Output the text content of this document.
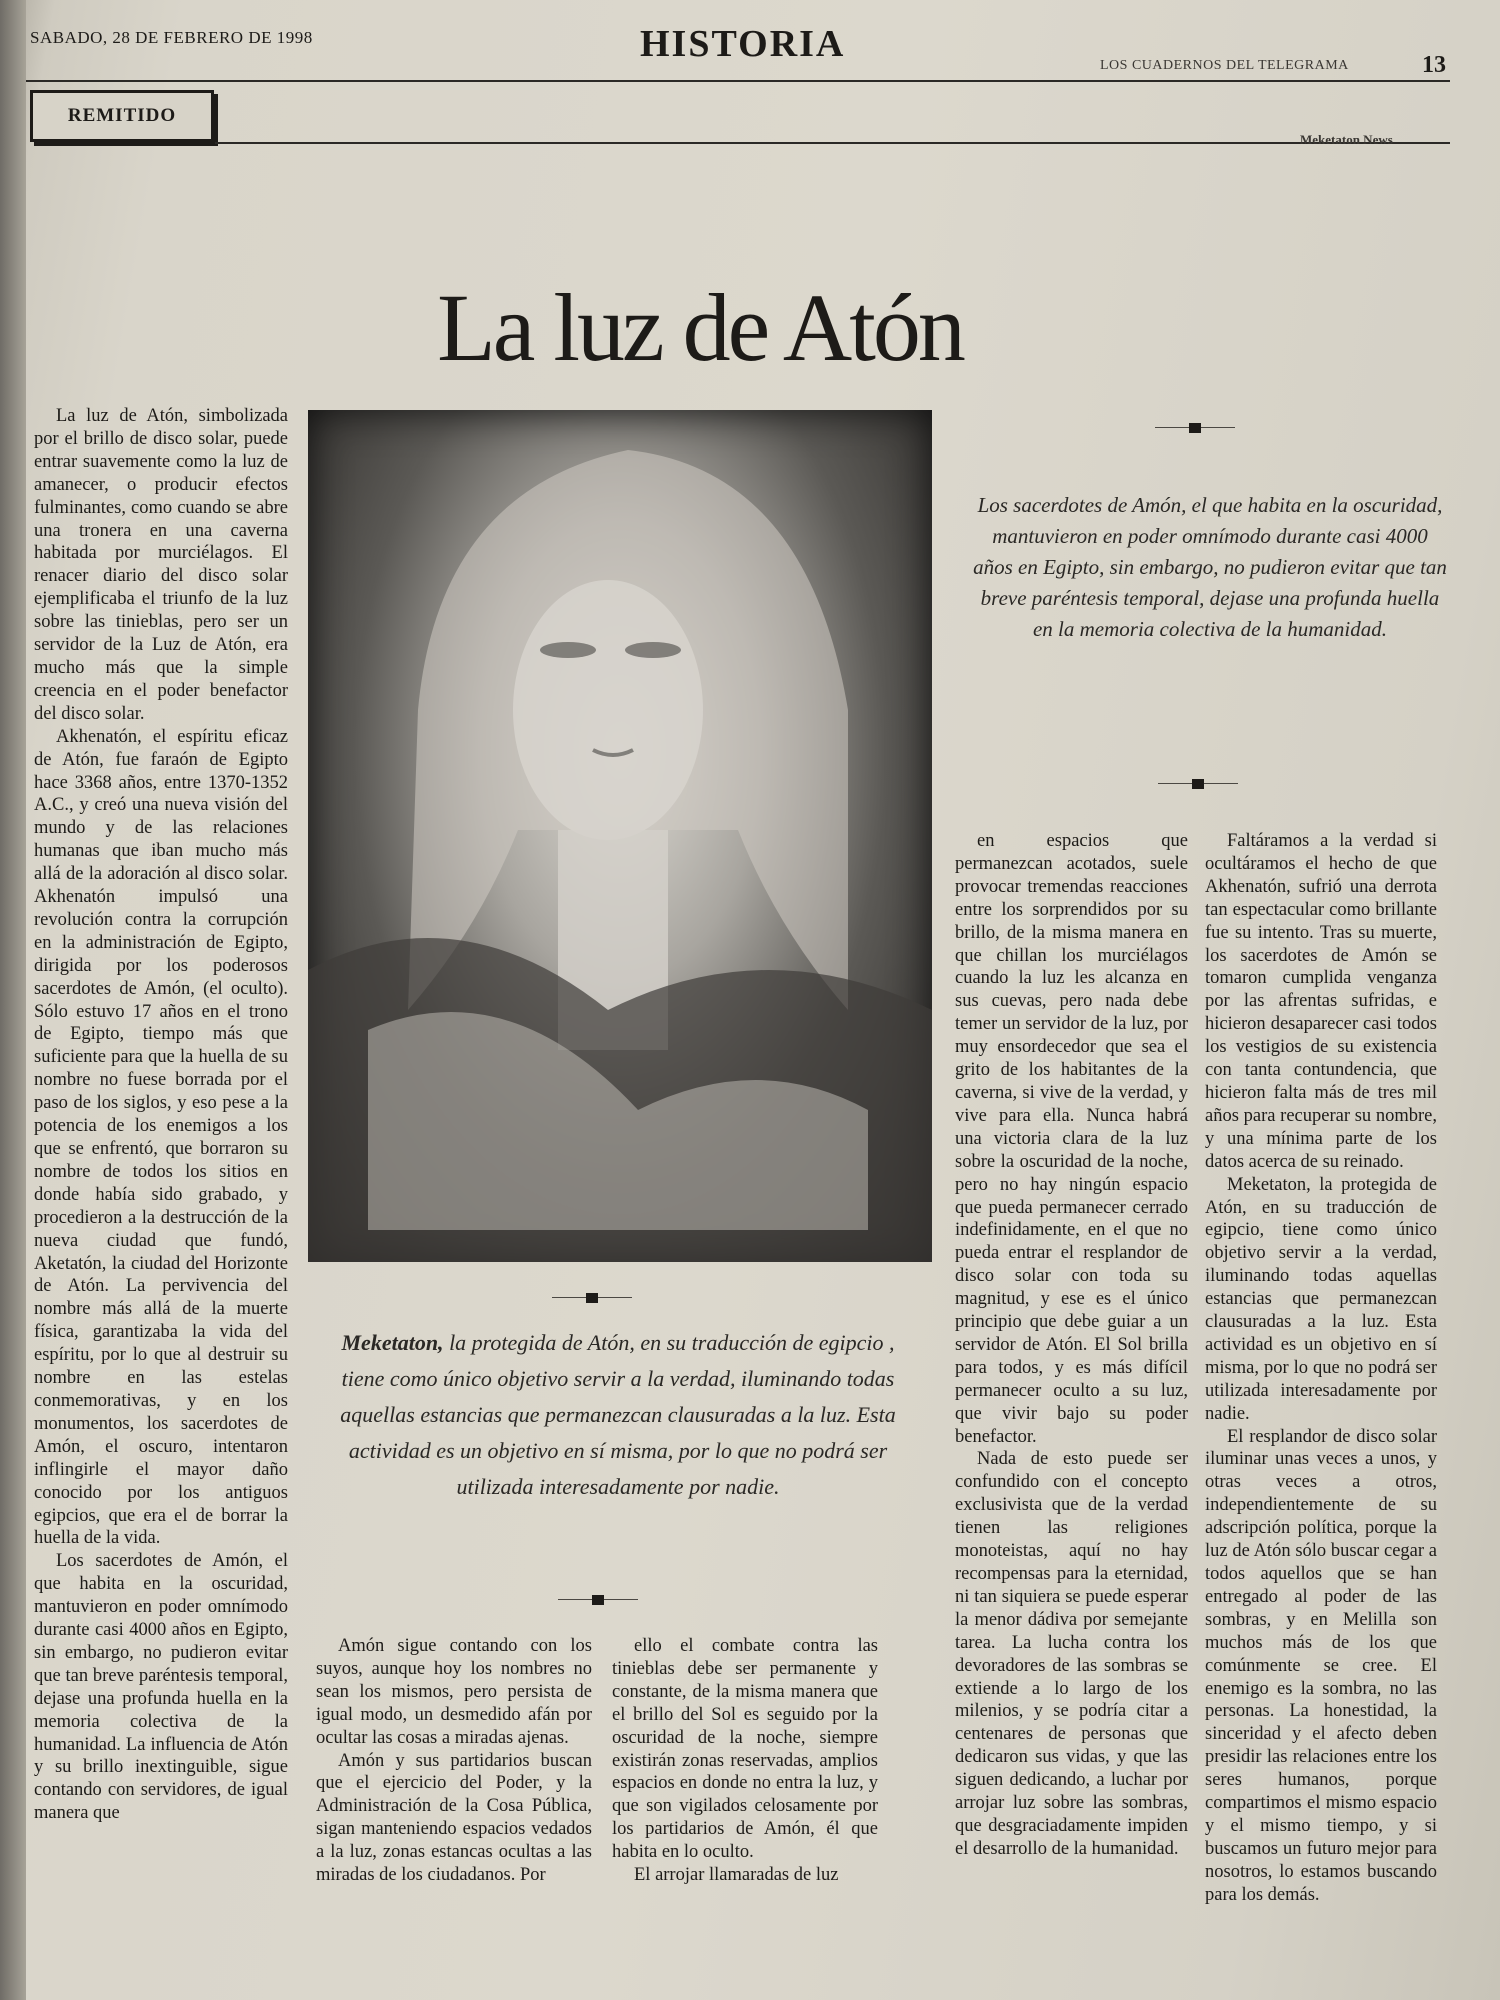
SABADO, 28 DE FEBRERO DE 1998	HISTORIA
LOS CUADERNOS DEL TELEGRAMA	13
REMITIDO
Meketaton News
La luz de Atón

La luz de Atón, simbolizada por el brillo de disco solar, puede entrar suavemente como la luz de amanecer, o producir efectos fulminantes, como cuando se abre una tronera en una caverna habitada por murciélagos. El renacer diario del disco solar ejemplificaba el triunfo de la luz sobre las tinieblas, pero ser un servidor de la Luz de Atón, era mucho más que la simple creencia en el poder benefactor del disco solar.

Akhenatón, el espíritu eficaz de Atón, fue faraón de Egipto hace 3368 años, entre 1370-1352 A.C., y creó una nueva visión del mundo y de las relaciones humanas que iban mucho más allá de la adoración al disco solar. Akhenatón impulsó una revolución contra la corrupción en la administración de Egipto, dirigida por los poderosos sacerdotes de Amón, (el oculto). Sólo estuvo 17 años en el trono de Egipto, tiempo más que suficiente para que la huella de su nombre no fuese borrada por el paso de los siglos, y eso pese a la potencia de los enemigos a los que se enfrentó, que borraron su nombre de todos los sitios en donde había sido grabado, y procedieron a la destrucción de la nueva ciudad que fundó, Aketatón, la ciudad del Horizonte de Atón. La pervivencia del nombre más allá de la muerte física, garantizaba la vida del espíritu, por lo que al destruir su nombre en las estelas conmemorativas, y en los monumentos, los sacerdotes de Amón, el oscuro, intentaron inflingirle el mayor daño conocido por los antiguos egipcios, que era el de borrar la huella de la vida.

Los sacerdotes de Amón, el que habita en la oscuridad, mantuvieron en poder omnímodo durante casi 4000 años en Egipto, sin embargo, no pudieron evitar que tan breve paréntesis temporal, dejase una profunda huella en la memoria colectiva de la humanidad. La influencia de Atón y su brillo inextinguible, sigue contando con servidores, de igual manera que

Los sacerdotes de Amón, el que habita en la oscuridad, mantuvieron en poder omnímodo durante casi 4000 años en Egipto, sin embargo, no pudieron evitar que tan breve paréntesis temporal, dejase una profunda huella en la memoria colectiva de la humanidad.
Meketaton, la protegida de Atón, en su traducción de egipcio , tiene como único objetivo servir a la verdad, iluminando todas aquellas estancias que permanezcan clausuradas a la luz. Esta actividad es un objetivo en sí misma, por lo que no podrá ser utilizada interesadamente por nadie.

Amón sigue contando con los suyos, aunque hoy los nombres no sean los mismos, pero persista de igual modo, un desmedido afán por ocultar las cosas a miradas ajenas.

Amón y sus partidarios buscan que el ejercicio del Poder, y la Administración de la Cosa Pública, sigan manteniendo espacios vedados a la luz, zonas estancas ocultas a las miradas de los ciudadanos. Por

ello el combate contra las tinieblas debe ser permanente y constante, de la misma manera que el brillo del Sol es seguido por la oscuridad de la noche, siempre existirán zonas reservadas, amplios espacios en donde no entra la luz, y que son vigilados celosamente por los partidarios de Amón, él que habita en lo oculto.

El arrojar llamaradas de luz

en espacios que permanezcan acotados, suele provocar tremendas reacciones entre los sorprendidos por su brillo, de la misma manera en que chillan los murciélagos cuando la luz les alcanza en sus cuevas, pero nada debe temer un servidor de la luz, por muy ensordecedor que sea el grito de los habitantes de la caverna, si vive de la verdad, y vive para ella. Nunca habrá una victoria clara de la luz sobre la oscuridad de la noche, pero no hay ningún espacio que pueda permanecer cerrado indefinidamente, en el que no pueda entrar el resplandor de disco solar con toda su magnitud, y ese es el único principio que debe guiar a un servidor de Atón. El Sol brilla para todos, y es más difícil permanecer oculto a su luz, que vivir bajo su poder benefactor.

Nada de esto puede ser confundido con el concepto exclusivista que de la verdad tienen las religiones monoteistas, aquí no hay recompensas para la eternidad, ni tan siquiera se puede esperar la menor dádiva por semejante tarea. La lucha contra los devoradores de las sombras se extiende a lo largo de los milenios, y se podría citar a centenares de personas que dedicaron sus vidas, y que las siguen dedicando, a luchar por arrojar luz sobre las sombras, que desgraciadamente impiden el desarrollo de la humanidad.

Faltáramos a la verdad si ocultáramos el hecho de que Akhenatón, sufrió una derrota tan espectacular como brillante fue su intento. Tras su muerte, los sacerdotes de Amón se tomaron cumplida venganza por las afrentas sufridas, e hicieron desaparecer casi todos los vestigios de su existencia con tanta contundencia, que hicieron falta más de tres mil años para recuperar su nombre, y una mínima parte de los datos acerca de su reinado.

Meketaton, la protegida de Atón, en su traducción de egipcio, tiene como único objetivo servir a la verdad, iluminando todas aquellas estancias que permanezcan clausuradas a la luz. Esta actividad es un objetivo en sí misma, por lo que no podrá ser utilizada interesadamente por nadie.

El resplandor de disco solar iluminar unas veces a unos, y otras veces a otros, independientemente de su adscripción política, porque la luz de Atón sólo buscar cegar a todos aquellos que se han entregado al poder de las sombras, y en Melilla son muchos más de los que comúnmente se cree. El enemigo es la sombra, no las personas. La honestidad, la sinceridad y el afecto deben presidir las relaciones entre los seres humanos, porque compartimos el mismo espacio y el mismo tiempo, y si buscamos un futuro mejor para nosotros, lo estamos buscando para los demás.
